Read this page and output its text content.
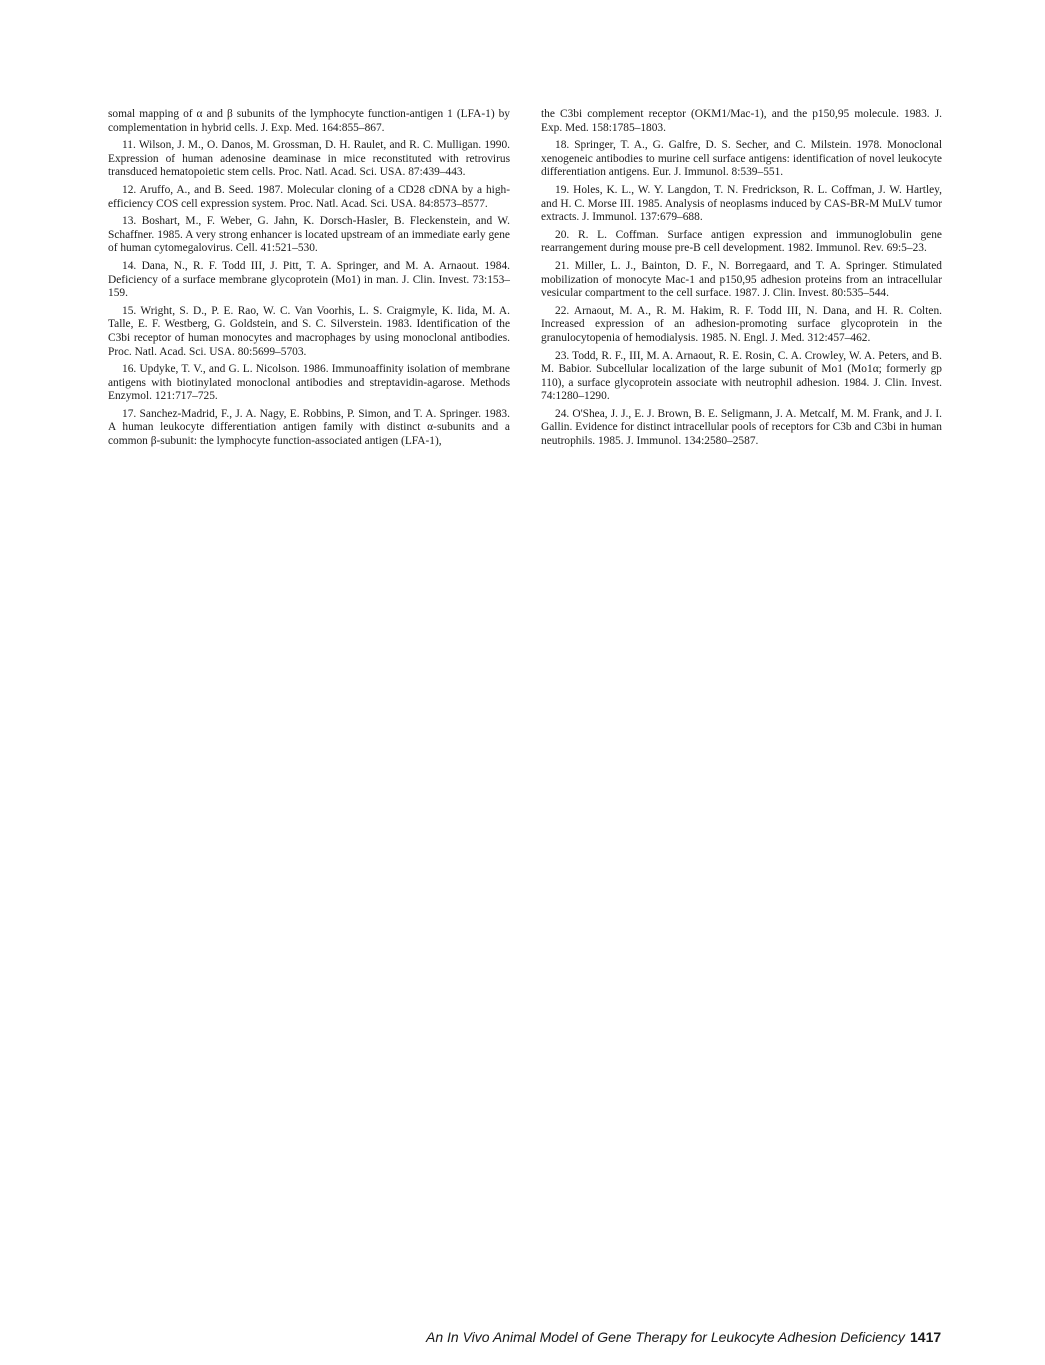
somal mapping of α and β subunits of the lymphocyte function-antigen 1 (LFA-1) by complementation in hybrid cells. J. Exp. Med. 164:855–867.

11. Wilson, J. M., O. Danos, M. Grossman, D. H. Raulet, and R. C. Mulligan. 1990. Expression of human adenosine deaminase in mice reconstituted with retrovirus transduced hematopoietic stem cells. Proc. Natl. Acad. Sci. USA. 87:439–443.

12. Aruffo, A., and B. Seed. 1987. Molecular cloning of a CD28 cDNA by a high-efficiency COS cell expression system. Proc. Natl. Acad. Sci. USA. 84:8573–8577.

13. Boshart, M., F. Weber, G. Jahn, K. Dorsch-Hasler, B. Fleckenstein, and W. Schaffner. 1985. A very strong enhancer is located upstream of an immediate early gene of human cytomegalovirus. Cell. 41:521–530.

14. Dana, N., R. F. Todd III, J. Pitt, T. A. Springer, and M. A. Arnaout. 1984. Deficiency of a surface membrane glycoprotein (Mo1) in man. J. Clin. Invest. 73:153–159.

15. Wright, S. D., P. E. Rao, W. C. Van Voorhis, L. S. Craigmyle, K. Iida, M. A. Talle, E. F. Westberg, G. Goldstein, and S. C. Silverstein. 1983. Identification of the C3bi receptor of human monocytes and macrophages by using monoclonal antibodies. Proc. Natl. Acad. Sci. USA. 80:5699–5703.

16. Updyke, T. V., and G. L. Nicolson. 1986. Immunoaffinity isolation of membrane antigens with biotinylated monoclonal antibodies and streptavidin-agarose. Methods Enzymol. 121:717–725.

17. Sanchez-Madrid, F., J. A. Nagy, E. Robbins, P. Simon, and T. A. Springer. 1983. A human leukocyte differentiation antigen family with distinct α-subunits and a common β-subunit: the lymphocyte function-associated antigen (LFA-1),

the C3bi complement receptor (OKM1/Mac-1), and the p150,95 molecule. 1983. J. Exp. Med. 158:1785–1803.

18. Springer, T. A., G. Galfre, D. S. Secher, and C. Milstein. 1978. Monoclonal xenogeneic antibodies to murine cell surface antigens: identification of novel leukocyte differentiation antigens. Eur. J. Immunol. 8:539–551.

19. Holes, K. L., W. Y. Langdon, T. N. Fredrickson, R. L. Coffman, J. W. Hartley, and H. C. Morse III. 1985. Analysis of neoplasms induced by CAS-BR-M MuLV tumor extracts. J. Immunol. 137:679–688.

20. R. L. Coffman. Surface antigen expression and immunoglobulin gene rearrangement during mouse pre-B cell development. 1982. Immunol. Rev. 69:5–23.

21. Miller, L. J., Bainton, D. F., N. Borregaard, and T. A. Springer. Stimulated mobilization of monocyte Mac-1 and p150,95 adhesion proteins from an intracellular vesicular compartment to the cell surface. 1987. J. Clin. Invest. 80:535–544.

22. Arnaout, M. A., R. M. Hakim, R. F. Todd III, N. Dana, and H. R. Colten. Increased expression of an adhesion-promoting surface glycoprotein in the granulocytopenia of hemodialysis. 1985. N. Engl. J. Med. 312:457–462.

23. Todd, R. F., III, M. A. Arnaout, R. E. Rosin, C. A. Crowley, W. A. Peters, and B. M. Babior. Subcellular localization of the large subunit of Mo1 (Mo1α; formerly gp 110), a surface glycoprotein associate with neutrophil adhesion. 1984. J. Clin. Invest. 74:1280–1290.

24. O'Shea, J. J., E. J. Brown, B. E. Seligmann, J. A. Metcalf, M. M. Frank, and J. I. Gallin. Evidence for distinct intracellular pools of receptors for C3b and C3bi in human neutrophils. 1985. J. Immunol. 134:2580–2587.

An In Vivo Animal Model of Gene Therapy for Leukocyte Adhesion Deficiency 1417
